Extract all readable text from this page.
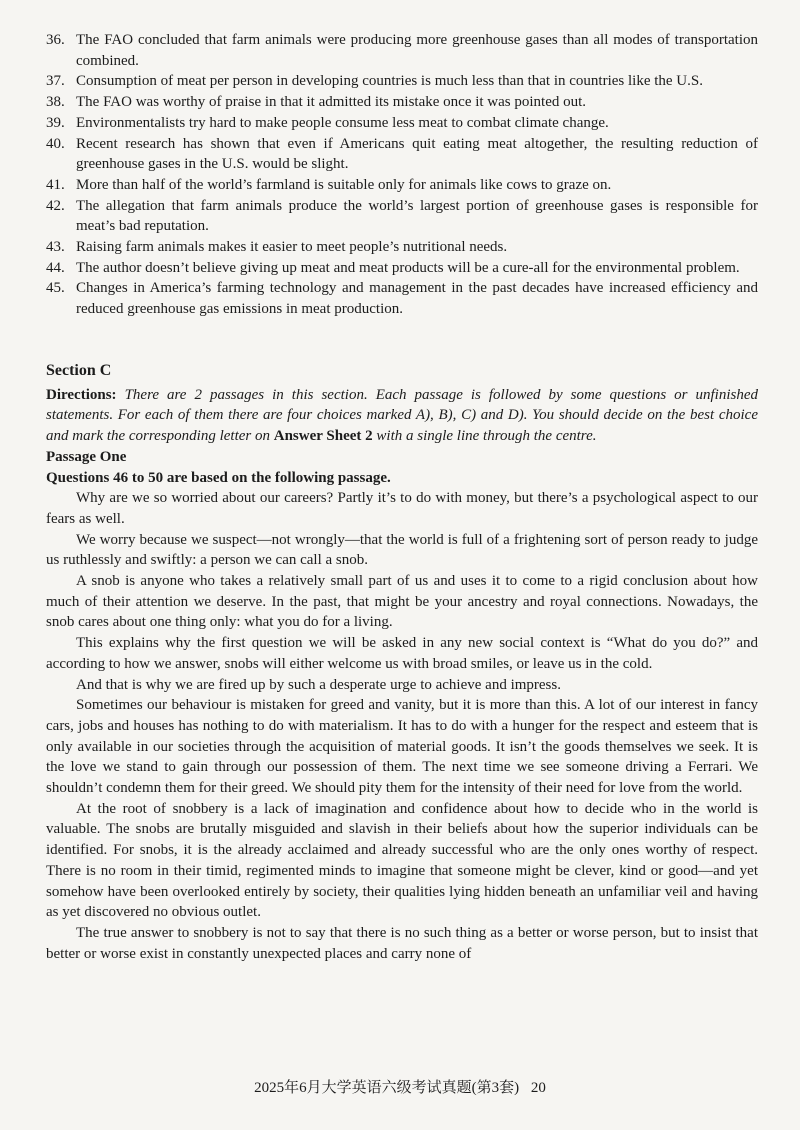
36. The FAO concluded that farm animals were producing more greenhouse gases than all modes of transportation combined.
37. Consumption of meat per person in developing countries is much less than that in countries like the U.S.
38. The FAO was worthy of praise in that it admitted its mistake once it was pointed out.
39. Environmentalists try hard to make people consume less meat to combat climate change.
40. Recent research has shown that even if Americans quit eating meat altogether, the resulting reduction of greenhouse gases in the U.S. would be slight.
41. More than half of the world’s farmland is suitable only for animals like cows to graze on.
42. The allegation that farm animals produce the world’s largest portion of greenhouse gases is responsible for meat’s bad reputation.
43. Raising farm animals makes it easier to meet people’s nutritional needs.
44. The author doesn’t believe giving up meat and meat products will be a cure-all for the environmental problem.
45. Changes in America’s farming technology and management in the past decades have increased efficiency and reduced greenhouse gas emissions in meat production.
Section C
Directions: There are 2 passages in this section. Each passage is followed by some questions or unfinished statements. For each of them there are four choices marked A), B), C) and D). You should decide on the best choice and mark the corresponding letter on Answer Sheet 2 with a single line through the centre.
Passage One
Questions 46 to 50 are based on the following passage.

Why are we so worried about our careers? Partly it’s to do with money, but there’s a psychological aspect to our fears as well.

We worry because we suspect—not wrongly—that the world is full of a frightening sort of person ready to judge us ruthlessly and swiftly: a person we can call a snob.

A snob is anyone who takes a relatively small part of us and uses it to come to a rigid conclusion about how much of their attention we deserve. In the past, that might be your ancestry and royal connections. Nowadays, the snob cares about one thing only: what you do for a living.

This explains why the first question we will be asked in any new social context is “What do you do?” and according to how we answer, snobs will either welcome us with broad smiles, or leave us in the cold.

And that is why we are fired up by such a desperate urge to achieve and impress.

Sometimes our behaviour is mistaken for greed and vanity, but it is more than this. A lot of our interest in fancy cars, jobs and houses has nothing to do with materialism. It has to do with a hunger for the respect and esteem that is only available in our societies through the acquisition of material goods. It isn’t the goods themselves we seek. It is the love we stand to gain through our possession of them. The next time we see someone driving a Ferrari. We shouldn’t condemn them for their greed. We should pity them for the intensity of their need for love from the world.

At the root of snobbery is a lack of imagination and confidence about how to decide who in the world is valuable. The snobs are brutally misguided and slavish in their beliefs about how the superior individuals can be identified. For snobs, it is the already acclaimed and already successful who are the only ones worthy of respect. There is no room in their timid, regimented minds to imagine that someone might be clever, kind or good—and yet somehow have been overlooked entirely by society, their qualities lying hidden beneath an unfamiliar veil and having as yet discovered no obvious outlet.

The true answer to snobbery is not to say that there is no such thing as a better or worse person, but to insist that better or worse exist in constantly unexpected places and carry none of

2025年6月大学英语六级考试真题(第3套) 20
